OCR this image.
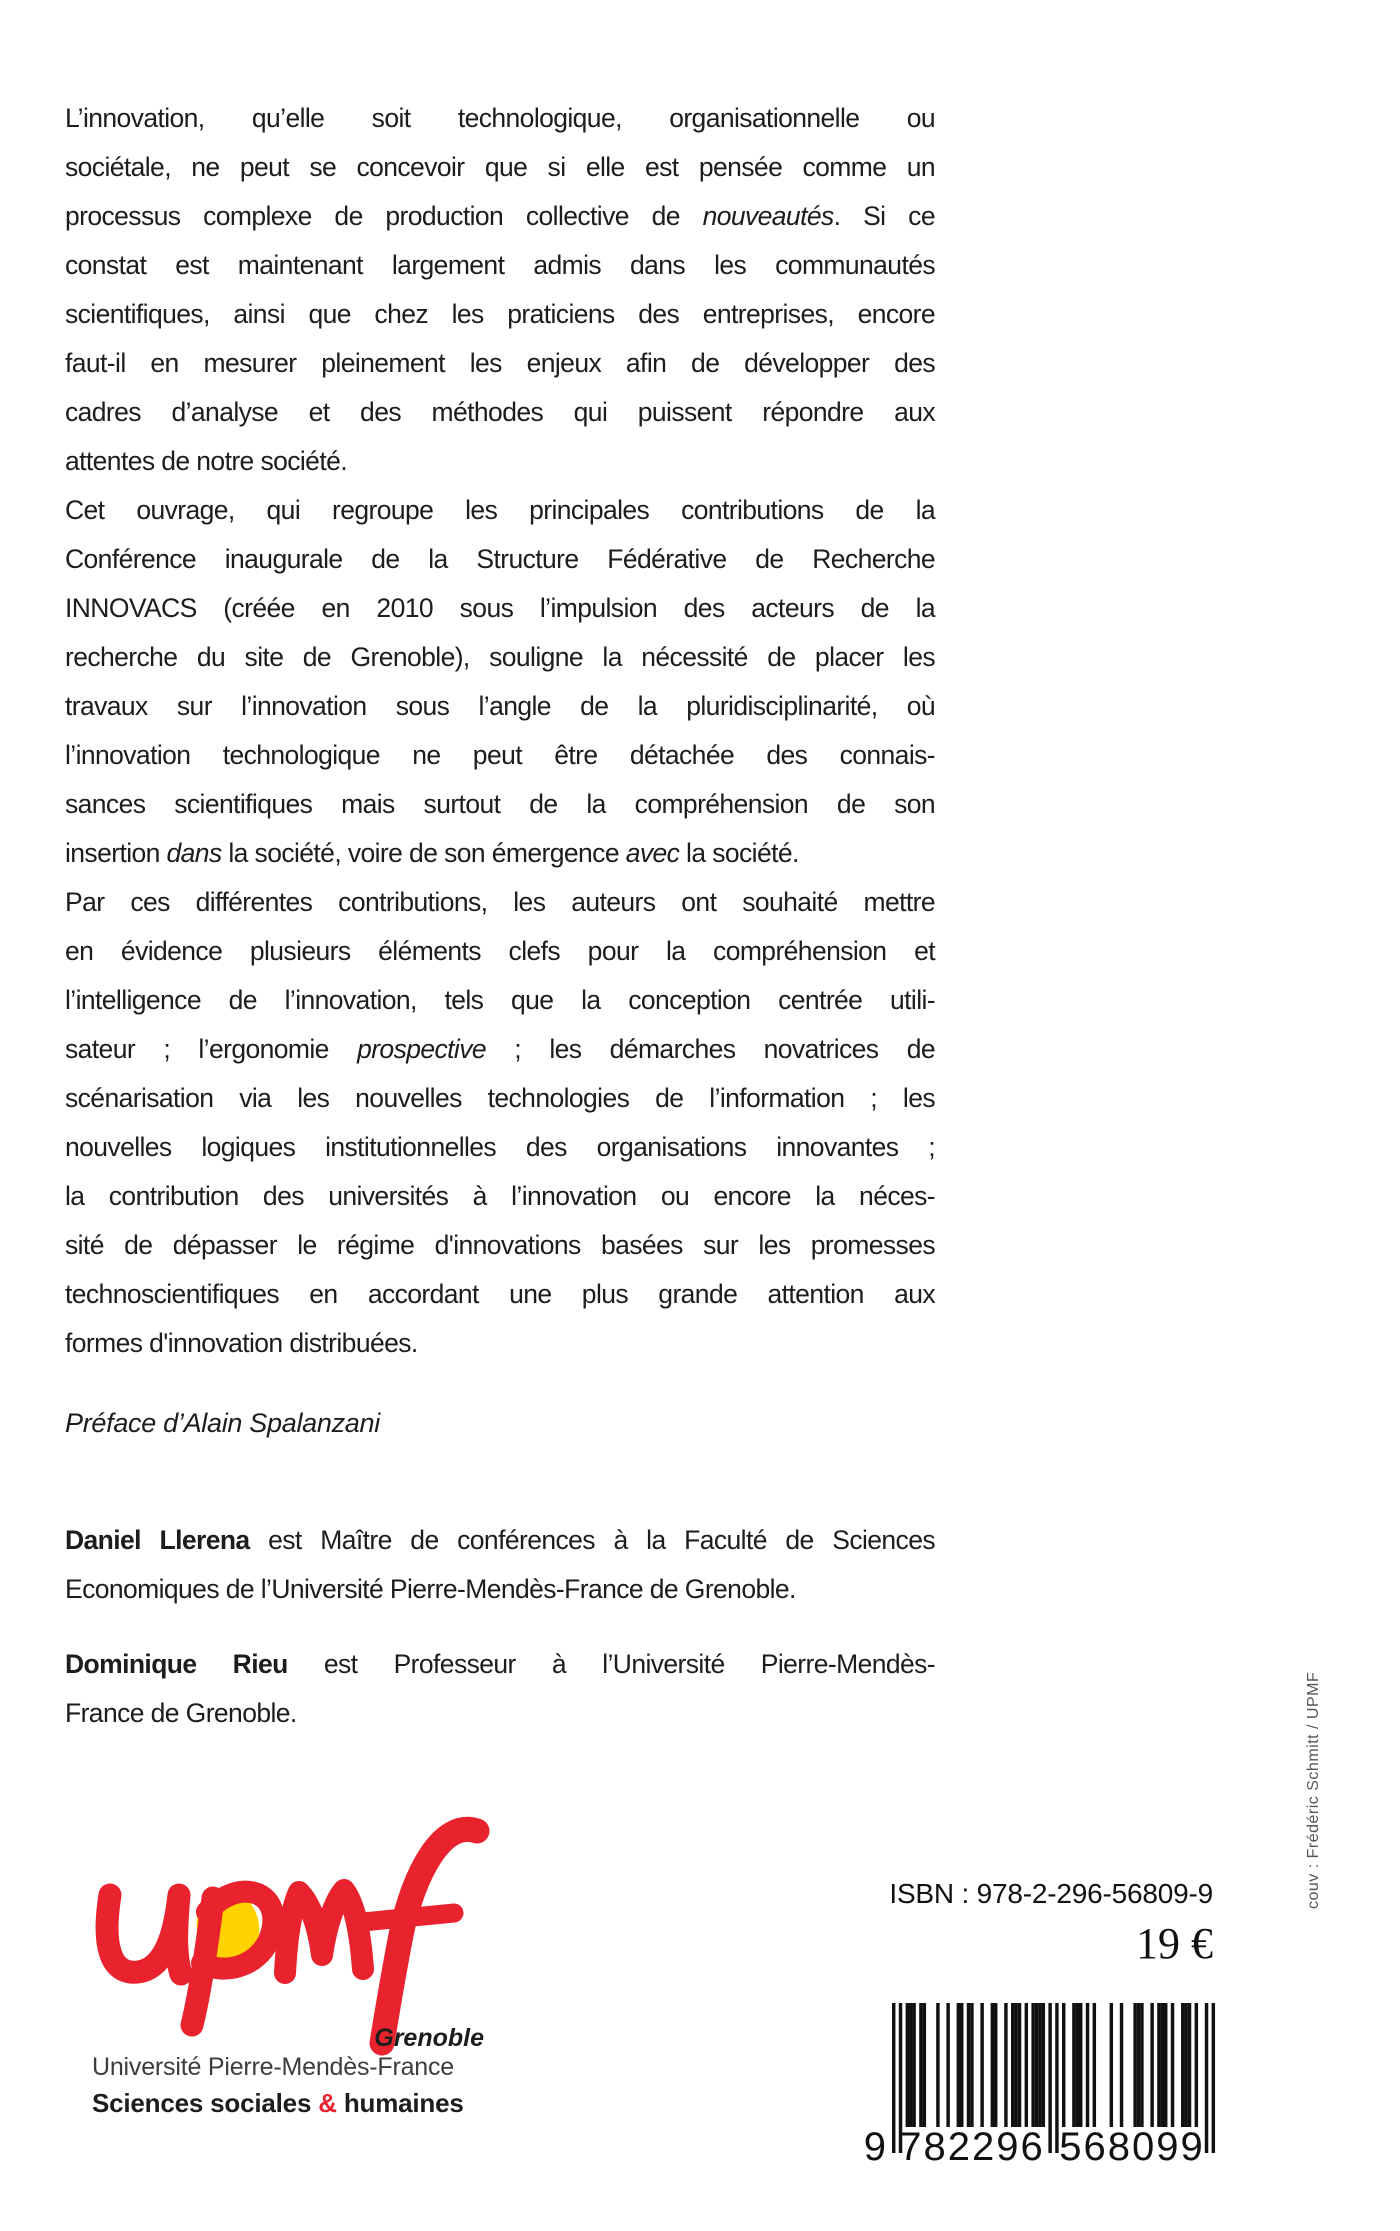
L’innovation, qu’elle soit technologique, organisationnelle ou
sociétale, ne peut se concevoir que si elle est pensée comme un
processus complexe de production collective de nouveautés. Si ce
constat est maintenant largement admis dans les communautés
scientifiques, ainsi que chez les praticiens des entreprises, encore
faut-il en mesurer pleinement les enjeux afin de développer des
cadres d’analyse et des méthodes qui puissent répondre aux
attentes de notre société.
Cet ouvrage, qui regroupe les principales contributions de la
Conférence inaugurale de la Structure Fédérative de Recherche
INNOVACS (créée en 2010 sous l’impulsion des acteurs de la
recherche du site de Grenoble), souligne la nécessité de placer les
travaux sur l’innovation sous l’angle de la pluridisciplinarité, où
l’innovation technologique ne peut être détachée des connais-
sances scientifiques mais surtout de la compréhension de son
insertion dans la société, voire de son émergence avec la société.
Par ces différentes contributions, les auteurs ont souhaité mettre
en évidence plusieurs éléments clefs pour la compréhension et
l’intelligence de l’innovation, tels que la conception centrée utili-
sateur ; l’ergonomie prospective ; les démarches novatrices de
scénarisation via les nouvelles technologies de l’information ; les
nouvelles logiques institutionnelles des organisations innovantes ;
la contribution des universités à l’innovation ou encore la néces-
sité de dépasser le régime d'innovations basées sur les promesses
technoscientifiques en accordant une plus grande attention aux
formes d'innovation distribuées.
Préface d’Alain Spalanzani
Daniel Llerena est Maître de conférences à la Faculté de Sciences
Economiques de l’Université Pierre-Mendès-France de Grenoble.
Dominique Rieu est Professeur à l’Université Pierre-Mendès-
France de Grenoble.
Grenoble
Université Pierre-Mendès-France
Sciences sociales & humaines
ISBN : 978-2-296-56809-9
19 €
9 782296 568099
couv : Frédéric Schmitt / UPMF
